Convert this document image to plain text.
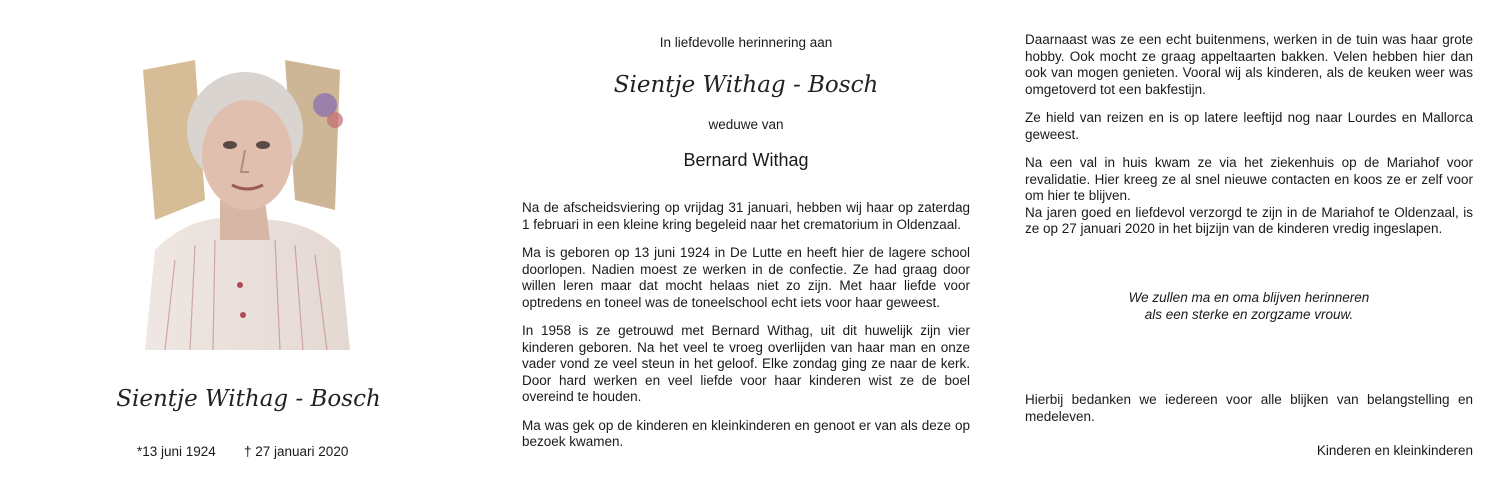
Sientje Withag - Bosch
*13 juni 1924 † 27 januari 2020
In liefdevolle herinnering aan
Sientje Withag - Bosch
weduwe van
Bernard Withag

Na de afscheidsviering op vrijdag 31 januari, hebben wij haar op zaterdag 1 februari in een kleine kring begeleid naar het crematorium in Oldenzaal.

Ma is geboren op 13 juni 1924 in De Lutte en heeft hier de lagere school doorlopen. Nadien moest ze werken in de confectie. Ze had graag door willen leren maar dat mocht helaas niet zo zijn. Met haar liefde voor optredens en toneel was de toneelschool echt iets voor haar geweest.

In 1958 is ze getrouwd met Bernard Withag, uit dit huwelijk zijn vier kinderen geboren. Na het veel te vroeg overlijden van haar man en onze vader vond ze veel steun in het geloof. Elke zondag ging ze naar de kerk. Door hard werken en veel liefde voor haar kinderen wist ze de boel overeind te houden.

Ma was gek op de kinderen en kleinkinderen en genoot er van als deze op bezoek kwamen.

Daarnaast was ze een echt buitenmens, werken in de tuin was haar grote hobby. Ook mocht ze graag appeltaarten bakken. Velen hebben hier dan ook van mogen genieten. Vooral wij als kinderen, als de keuken weer was omgetoverd tot een bakfestijn.

Ze hield van reizen en is op latere leeftijd nog naar Lourdes en Mallorca geweest.

Na een val in huis kwam ze via het ziekenhuis op de Mariahof voor revalidatie. Hier kreeg ze al snel nieuwe contacten en koos ze er zelf voor om hier te blijven.

Na jaren goed en liefdevol verzorgd te zijn in de Mariahof te Oldenzaal, is ze op 27 januari 2020 in het bijzijn van de kinderen vredig ingeslapen.

We zullen ma en oma blijven herinneren
als een sterke en zorgzame vrouw.
Hierbij bedanken we iedereen voor alle blijken van belangstelling en medeleven.
Kinderen en kleinkinderen
